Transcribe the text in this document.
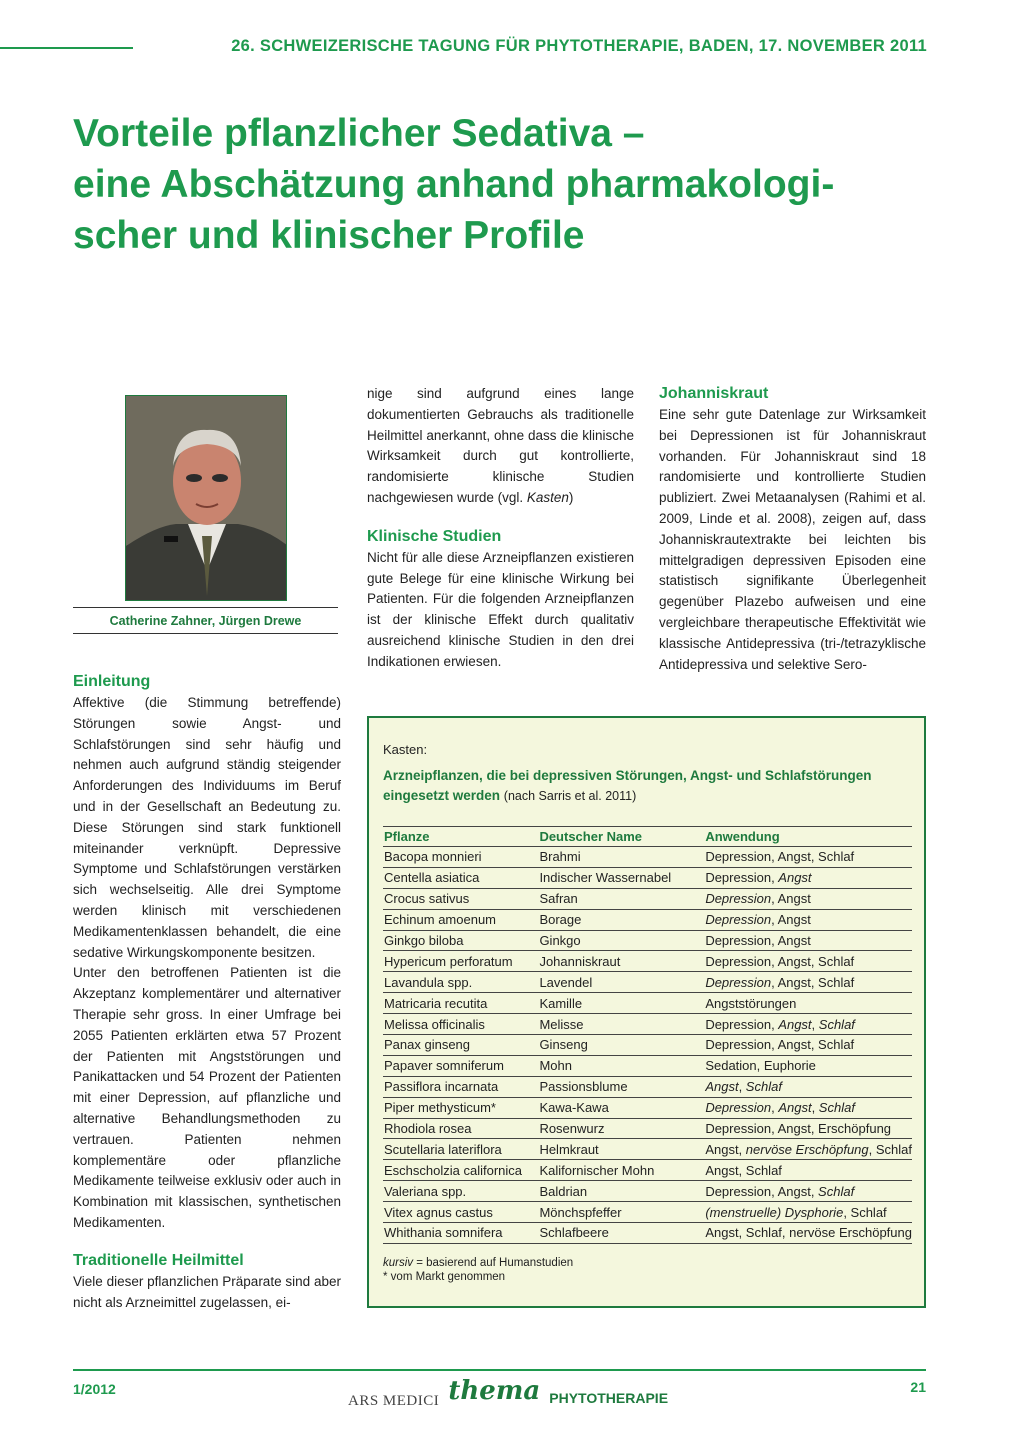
26. SCHWEIZERISCHE TAGUNG FÜR PHYTOTHERAPIE, BADEN, 17. NOVEMBER 2011
Vorteile pflanzlicher Sedativa –
eine Abschätzung anhand pharmakologi-
scher und klinischer Profile
Catherine Zahner, Jürgen Drewe
Einleitung

Affektive (die Stimmung betreffende) Störungen sowie Angst- und Schlafstörungen sind sehr häufig und nehmen auch aufgrund ständig steigender Anforderungen des Individuums im Beruf und in der Gesellschaft an Bedeutung zu. Diese Störungen sind stark funktionell miteinander verknüpft. Depressive Symptome und Schlafstörungen verstärken sich wechselseitig. Alle drei Symptome werden klinisch mit verschiedenen Medikamentenklassen behandelt, die eine sedative Wirkungskomponente besitzen.

Unter den betroffenen Patienten ist die Akzeptanz komplementärer und alternativer Therapie sehr gross. In einer Umfrage bei 2055 Patienten erklärten etwa 57 Prozent der Patienten mit Angststörungen und Panikattacken und 54 Prozent der Patienten mit einer Depression, auf pflanzliche und alternative Behandlungsmethoden zu vertrauen. Patienten nehmen komplementäre oder pflanzliche Medikamente teilweise exklusiv oder auch in Kombination mit klassischen, synthetischen Medikamenten.

Traditionelle Heilmittel

Viele dieser pflanzlichen Präparate sind aber nicht als Arzneimittel zugelassen, ei-

nige sind aufgrund eines lange dokumentierten Gebrauchs als traditionelle Heilmittel anerkannt, ohne dass die klinische Wirksamkeit durch gut kontrollierte, randomisierte klinische Studien nachgewiesen wurde (vgl. Kasten)

Klinische Studien

Nicht für alle diese Arzneipflanzen existieren gute Belege für eine klinische Wirkung bei Patienten. Für die folgenden Arzneipflanzen ist der klinische Effekt durch qualitativ ausreichend klinische Studien in den drei Indikationen erwiesen.

Johanniskraut

Eine sehr gute Datenlage zur Wirksamkeit bei Depressionen ist für Johanniskraut vorhanden. Für Johanniskraut sind 18 randomisierte und kontrollierte Studien publiziert. Zwei Metaanalysen (Rahimi et al. 2009, Linde et al. 2008), zeigen auf, dass Johanniskrautextrakte bei leichten bis mittelgradigen depressiven Episoden eine statistisch signifikante Überlegenheit gegenüber Plazebo aufweisen und eine vergleichbare therapeutische Effektivität wie klassische Antidepressiva (tri-/tetrazyklische Antidepressiva und selektive Sero-

Kasten:
Arzneipflanzen, die bei depressiven Störungen, Angst- und Schlafstörungen eingesetzt werden (nach Sarris et al. 2011)
Pflanze	Deutscher Name	Anwendung
Bacopa monnieri	Brahmi	Depression, Angst, Schlaf
Centella asiatica	Indischer Wassernabel	Depression, Angst
Crocus sativus	Safran	Depression, Angst
Echinum amoenum	Borage	Depression, Angst
Ginkgo biloba	Ginkgo	Depression, Angst
Hypericum perforatum	Johanniskraut	Depression, Angst, Schlaf
Lavandula spp.	Lavendel	Depression, Angst, Schlaf
Matricaria recutita	Kamille	Angststörungen
Melissa officinalis	Melisse	Depression, Angst, Schlaf
Panax ginseng	Ginseng	Depression, Angst, Schlaf
Papaver somniferum	Mohn	Sedation, Euphorie
Passiflora incarnata	Passionsblume	Angst, Schlaf
Piper methysticum*	Kawa-Kawa	Depression, Angst, Schlaf
Rhodiola rosea	Rosenwurz	Depression, Angst, Erschöpfung
Scutellaria lateriflora	Helmkraut	Angst, nervöse Erschöpfung, Schlaf
Eschscholzia californica	Kalifornischer Mohn	Angst, Schlaf
Valeriana spp.	Baldrian	Depression, Angst, Schlaf
Vitex agnus castus	Mönchspfeffer	(menstruelle) Dysphorie, Schlaf
Whithania somnifera	Schlafbeere	Angst, Schlaf, nervöse Erschöpfung
kursiv = basierend auf Humanstudien
* vom Markt genommen
1/2012
ARS MEDICI thema PHYTOTHERAPIE
21
